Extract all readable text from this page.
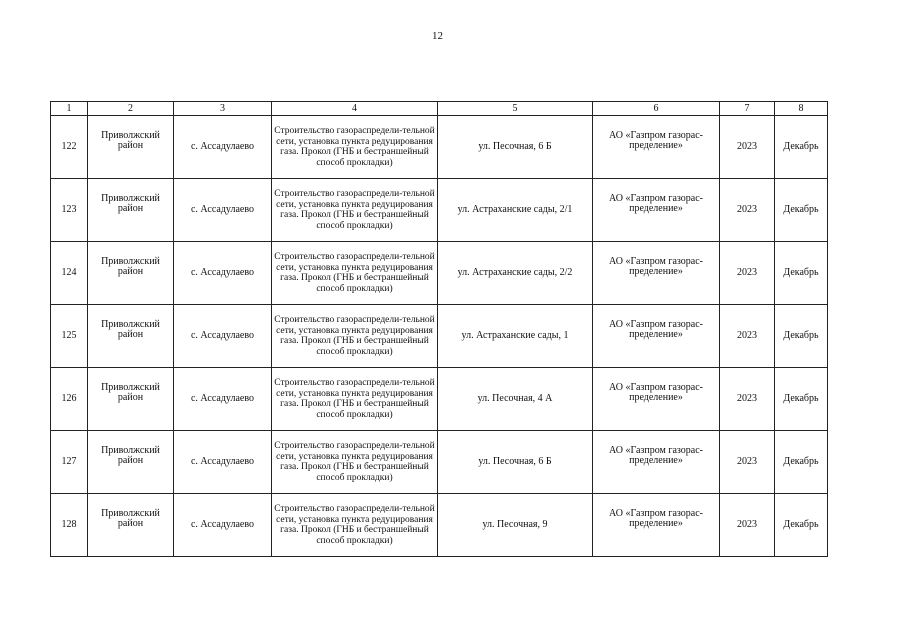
12
1	2	3	4	5	6	7	8
122	Приволжский район	с. Ассадулаево	Строительство газораспредели-тельной сети, установка пункта редуцирования газа. Прокол (ГНБ и бестраншейный способ прокладки)	ул. Песочная, 6 Б	АО «Газпром газорас-пределение»	2023	Декабрь
123	Приволжский район	с. Ассадулаево	Строительство газораспредели-тельной сети, установка пункта редуцирования газа. Прокол (ГНБ и бестраншейный способ прокладки)	ул. Астраханские сады, 2/1	АО «Газпром газорас-пределение»	2023	Декабрь
124	Приволжский район	с. Ассадулаево	Строительство газораспредели-тельной сети, установка пункта редуцирования газа. Прокол (ГНБ и бестраншейный способ прокладки)	ул. Астраханские сады, 2/2	АО «Газпром газорас-пределение»	2023	Декабрь
125	Приволжский район	с. Ассадулаево	Строительство газораспредели-тельной сети, установка пункта редуцирования газа. Прокол (ГНБ и бестраншейный способ прокладки)	ул. Астраханские сады, 1	АО «Газпром газорас-пределение»	2023	Декабрь
126	Приволжский район	с. Ассадулаево	Строительство газораспредели-тельной сети, установка пункта редуцирования газа. Прокол (ГНБ и бестраншейный способ прокладки)	ул. Песочная, 4 А	АО «Газпром газорас-пределение»	2023	Декабрь
127	Приволжский район	с. Ассадулаево	Строительство газораспредели-тельной сети, установка пункта редуцирования газа. Прокол (ГНБ и бестраншейный способ прокладки)	ул. Песочная, 6 Б	АО «Газпром газорас-пределение»	2023	Декабрь
128	Приволжский район	с. Ассадулаево	Строительство газораспредели-тельной сети, установка пункта редуцирования газа. Прокол (ГНБ и бестраншейный способ прокладки)	ул. Песочная, 9	АО «Газпром газорас-пределение»	2023	Декабрь
